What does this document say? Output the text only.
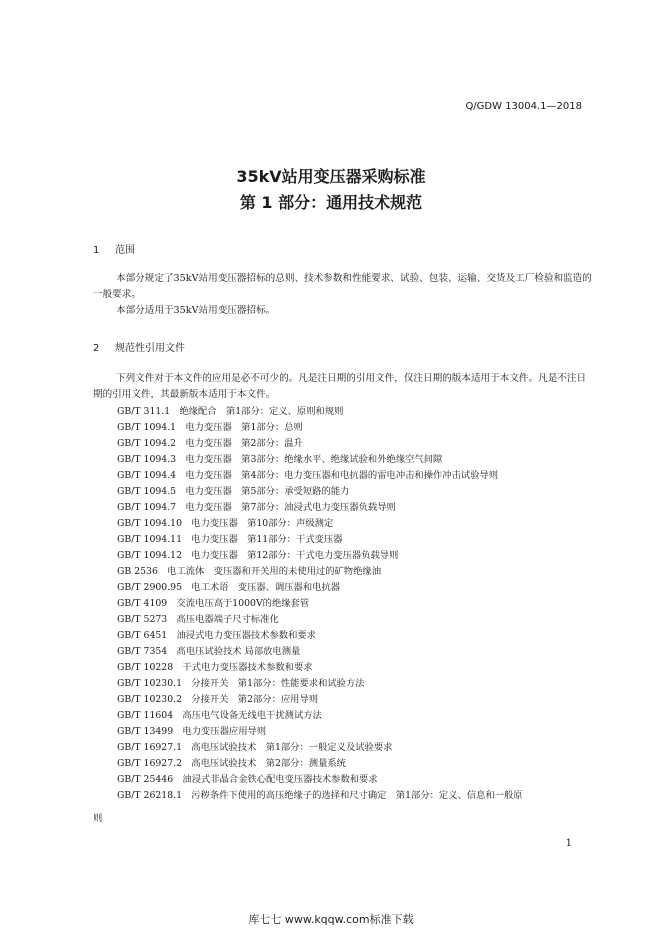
Q/GDW 13004.1—2018
35kV站用变压器采购标准
第 1 部分：通用技术规范
1 范围
本部分规定了35kV站用变压器招标的总则、技术参数和性能要求、试验、包装、运输、交货及工厂检验和监造的一般要求。
本部分适用于35kV站用变压器招标。
2 规范性引用文件
下列文件对于本文件的应用是必不可少的。凡是注日期的引用文件，仅注日期的版本适用于本文件。凡是不注日期的引用文件，其最新版本适用于本文件。
GB/T 311.1　绝缘配合　第1部分：定义、原则和规则
GB/T 1094.1　电力变压器　第1部分：总则
GB/T 1094.2　电力变压器　第2部分：温升
GB/T 1094.3　电力变压器　第3部分：绝缘水平、绝缘试验和外绝缘空气间隙
GB/T 1094.4　电力变压器　第4部分：电力变压器和电抗器的雷电冲击和操作冲击试验导则
GB/T 1094.5　电力变压器　第5部分：承受短路的能力
GB/T 1094.7　电力变压器　第7部分：油浸式电力变压器负载导则
GB/T 1094.10　电力变压器　第10部分：声级测定
GB/T 1094.11　电力变压器　第11部分：干式变压器
GB/T 1094.12　电力变压器　第12部分：干式电力变压器负载导则
GB 2536　电工流体　变压器和开关用的未使用过的矿物绝缘油
GB/T 2900.95　电工术语　变压器、调压器和电抗器
GB/T 4109　交流电压高于1000V的绝缘套管
GB/T 5273　高压电器端子尺寸标准化
GB/T 6451　油浸式电力变压器技术参数和要求
GB/T 7354　高电压试验技术 局部放电测量
GB/T 10228　干式电力变压器技术参数和要求
GB/T 10230.1　分接开关　第1部分：性能要求和试验方法
GB/T 10230.2　分接开关　第2部分：应用导则
GB/T 11604　高压电气设备无线电干扰测试方法
GB/T 13499　电力变压器应用导则
GB/T 16927.1　高电压试验技术　第1部分：一般定义及试验要求
GB/T 16927.2　高电压试验技术　第2部分：测量系统
GB/T 25446　油浸式非晶合金铁心配电变压器技术参数和要求
GB/T 26218.1　污秽条件下使用的高压绝缘子的选择和尺寸确定　第1部分：定义、信息和一般原
则
1
库七七 www.kqqw.com标准下载
